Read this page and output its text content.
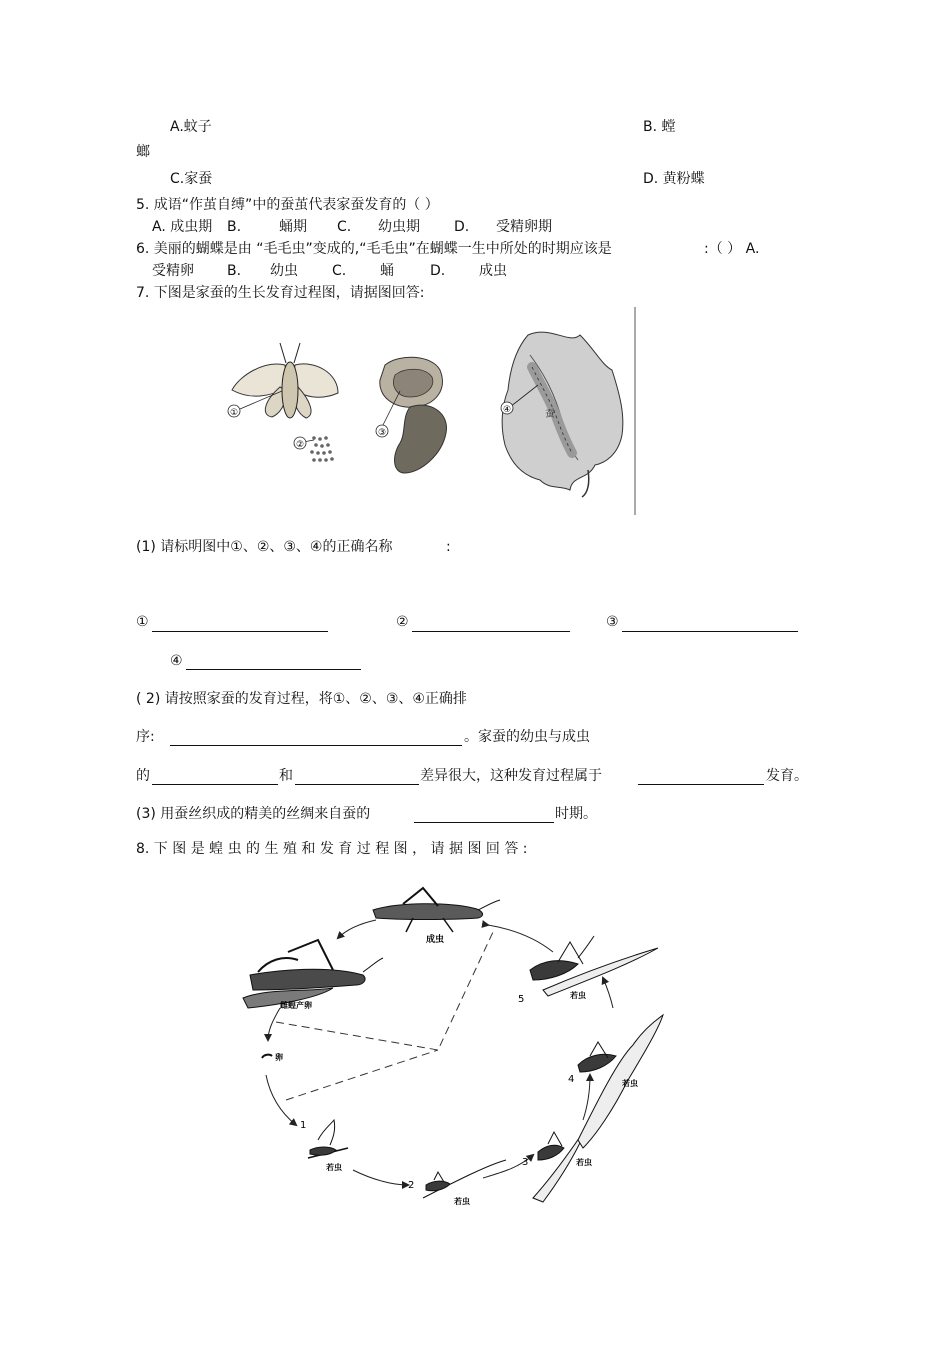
A.蚊子	B. 螳
螂
C.家蚕	D. 黄粉蝶
5. 成语“作茧自缚”中的蚕茧代表家蚕发育的（ ）
A. 成虫期 B.	蛹期 C. 幼虫期 D. 受精卵期
6. 美丽的蝴蝶是由 “毛毛虫”变成的,“毛毛虫”在蝴蝶一生中所处的时期应该是	:（ ） A.
受精卵 B. 幼虫 C. 蛹	D. 成虫
7. 下图是家蚕的生长发育过程图，请据图回答:
①
②
③
蚕
④
(1) 请标明图中①、②、③、④的正确名称	:
①	②	③
④
( 2) 请按照家蚕的发育过程，将①、②、③、④正确排
序:	。家蚕的幼虫与成虫
的	和	差异很大，这种发育过程属于	发育。
(3) 用蚕丝织成的精美的丝绸来自蚕的	时期。
8. 下 图 是 蝗 虫 的 生 殖 和 发 育 过 程 图 ， 请 据 图 回 答 :
成虫
雌蝗产卵
卵
1
若虫
2
若虫
3	若虫
4	若虫
5	若虫
